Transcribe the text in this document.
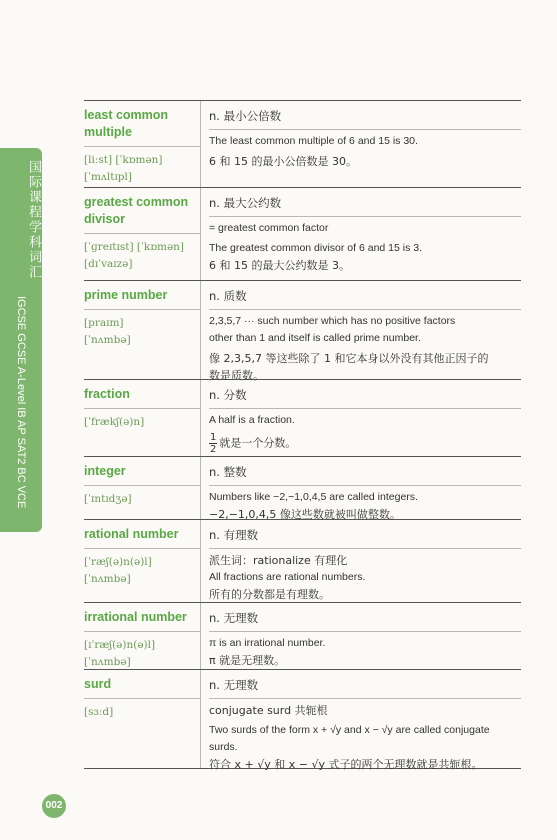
国际课程学科词汇
IGCSE GCSE A-Level IB AP SAT2 BC VCE
least common multiple
[liːst] [ˈkɒmən]
[ˈmʌltɪpl]
n. 最小公倍数
The least common multiple of 6 and 15 is 30.
6 和 15 的最小公倍数是 30。
greatest common divisor
[ˈɡreɪtɪst] [ˈkɒmən]
[dɪˈvaɪzə]
n. 最大公约数
= greatest common factor
The greatest common divisor of 6 and 15 is 3.
6 和 15 的最大公约数是 3。
prime number
[praɪm]
[ˈnʌmbə]
n. 质数
2,3,5,7 ··· such number which has no positive factors
other than 1 and itself is called prime number.
像 2,3,5,7 等这些除了 1 和它本身以外没有其他正因子的
数是质数。
fraction
[ˈfrækʃ(ə)n]
n. 分数
A half is a fraction.
$\frac{1}{2}$ 就是一个分数。
integer
[ˈɪntɪdʒə]
n. 整数
Numbers like −2,−1,0,4,5 are called integers.
−2,−1,0,4,5 像这些数就被叫做整数。
rational number
[ˈræʃ(ə)n(ə)l]
[ˈnʌmbə]
n. 有理数
派生词：rationalize 有理化
All fractions are rational numbers.
所有的分数都是有理数。
irrational number
[ɪˈræʃ(ə)n(ə)l]
[ˈnʌmbə]
n. 无理数
π is an irrational number.
π 就是无理数。
surd
[sɜːd]
n. 无理数
conjugate surd 共轭根
Two surds of the form x + √y and x − √y are called conjugate
surds.
符合 x + √y 和 x − √y 式子的两个无理数就是共轭根。
002
